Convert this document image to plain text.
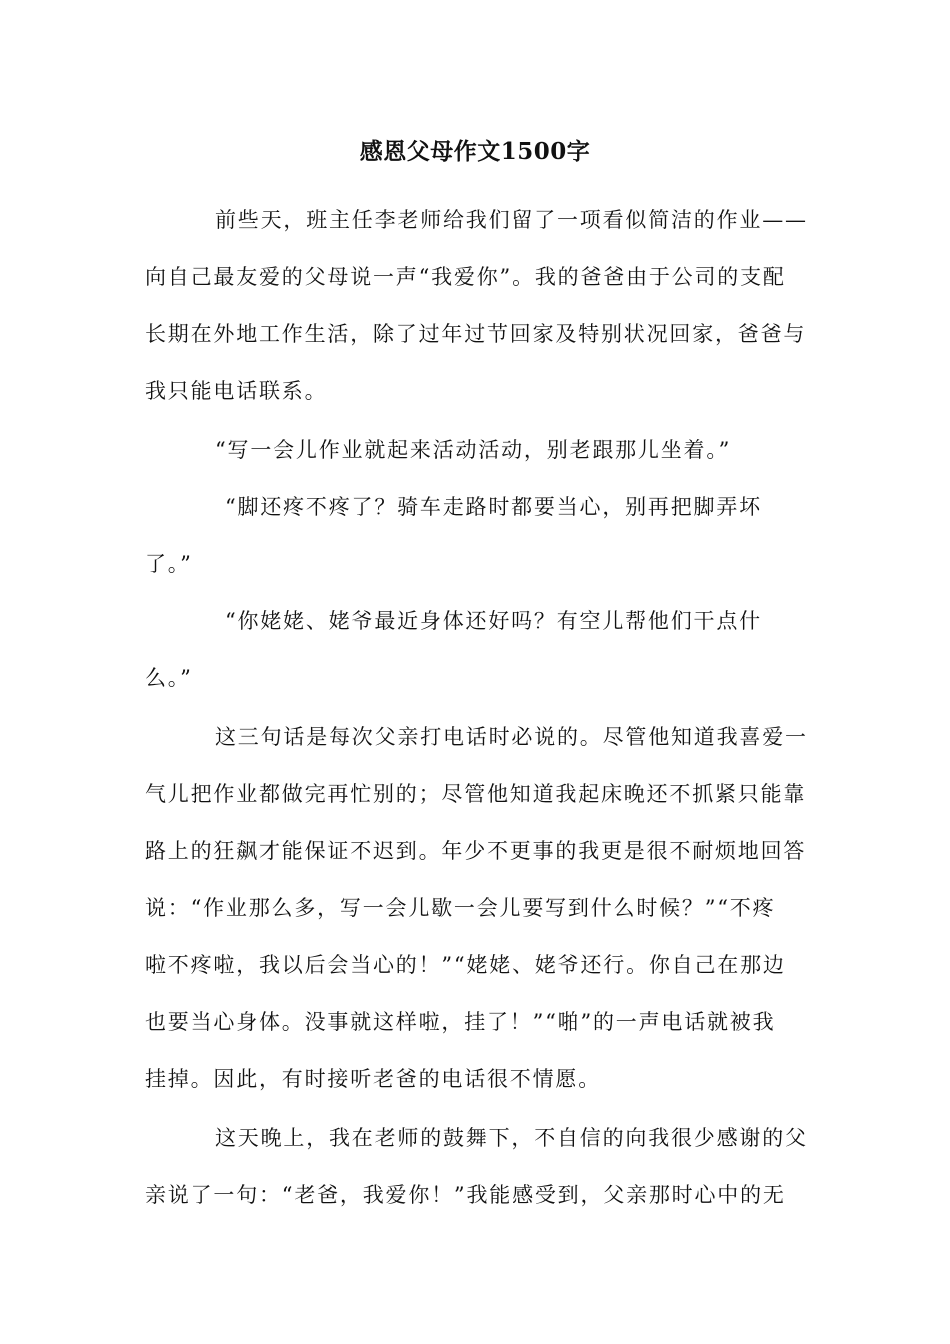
感恩父母作文1500字
前些天，班主任李老师给我们留了一项看似简洁的作业——
向自己最友爱的父母说一声“我爱你”。我的爸爸由于公司的支配
长期在外地工作生活，除了过年过节回家及特别状况回家，爸爸与
我只能电话联系。
“写一会儿作业就起来活动活动，别老跟那儿坐着。”
“脚还疼不疼了？骑车走路时都要当心，别再把脚弄坏
了。”
“你姥姥、姥爷最近身体还好吗？有空儿帮他们干点什
么。”
这三句话是每次父亲打电话时必说的。尽管他知道我喜爱一
气儿把作业都做完再忙别的；尽管他知道我起床晚还不抓紧只能靠
路上的狂飙才能保证不迟到。年少不更事的我更是很不耐烦地回答
说：“作业那么多，写一会儿歇一会儿要写到什么时候？”“不疼
啦不疼啦，我以后会当心的！”“姥姥、姥爷还行。你自己在那边
也要当心身体。没事就这样啦，挂了！”“啪”的一声电话就被我
挂掉。因此，有时接听老爸的电话很不情愿。
这天晚上，我在老师的鼓舞下，不自信的向我很少感谢的父
亲说了一句：“老爸，我爱你！”我能感受到，父亲那时心中的无
